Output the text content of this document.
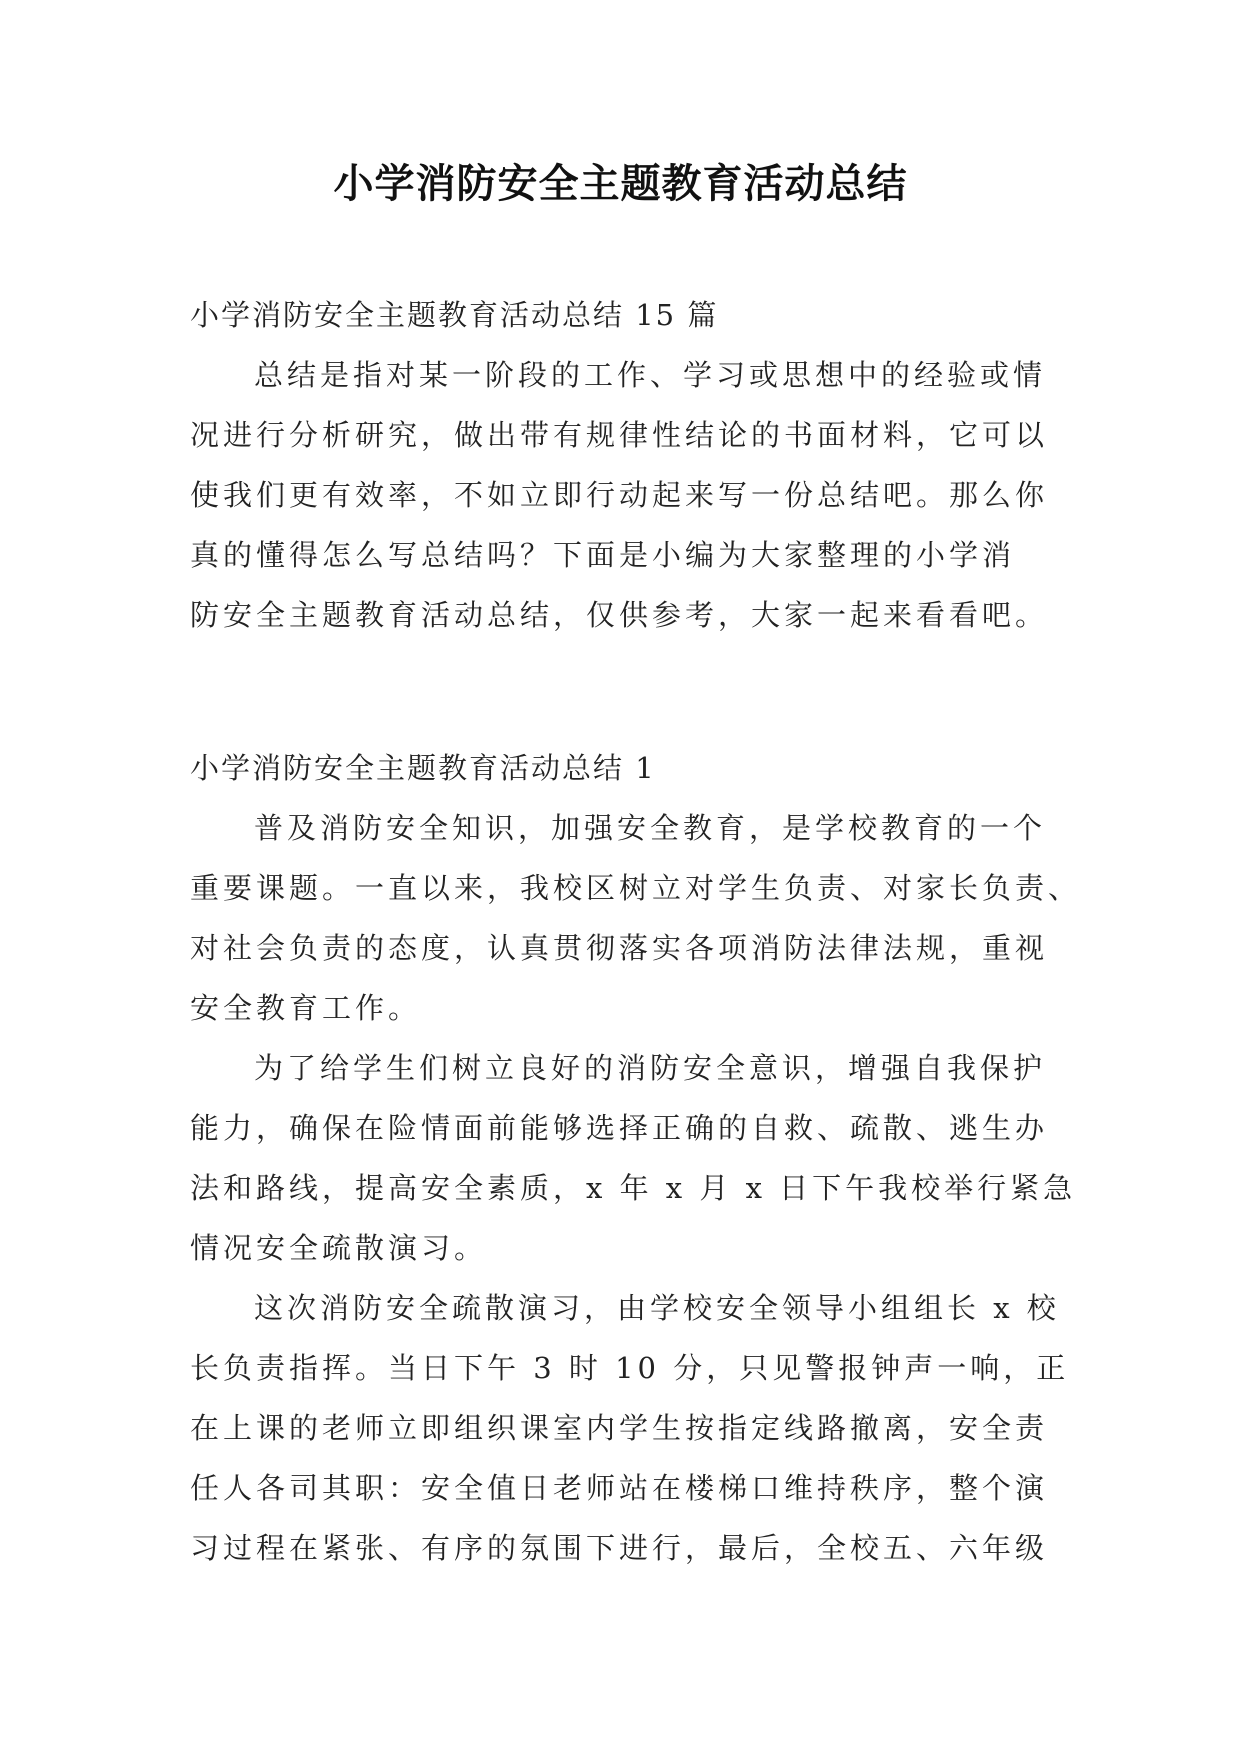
小学消防安全主题教育活动总结
小学消防安全主题教育活动总结 15 篇
总结是指对某一阶段的工作、学习或思想中的经验或情
况进行分析研究，做出带有规律性结论的书面材料，它可以
使我们更有效率，不如立即行动起来写一份总结吧。那么你
真的懂得怎么写总结吗？下面是小编为大家整理的小学消
防安全主题教育活动总结，仅供参考，大家一起来看看吧。
小学消防安全主题教育活动总结 1
普及消防安全知识，加强安全教育，是学校教育的一个
重要课题。一直以来，我校区树立对学生负责、对家长负责、
对社会负责的态度，认真贯彻落实各项消防法律法规，重视
安全教育工作。
为了给学生们树立良好的消防安全意识，增强自我保护
能力，确保在险情面前能够选择正确的自救、疏散、逃生办
法和路线，提高安全素质，x 年 x 月 x 日下午我校举行紧急
情况安全疏散演习。
这次消防安全疏散演习，由学校安全领导小组组长 x 校
长负责指挥。当日下午 3 时 10 分，只见警报钟声一响，正
在上课的老师立即组织课室内学生按指定线路撤离，安全责
任人各司其职：安全值日老师站在楼梯口维持秩序，整个演
习过程在紧张、有序的氛围下进行，最后，全校五、六年级
